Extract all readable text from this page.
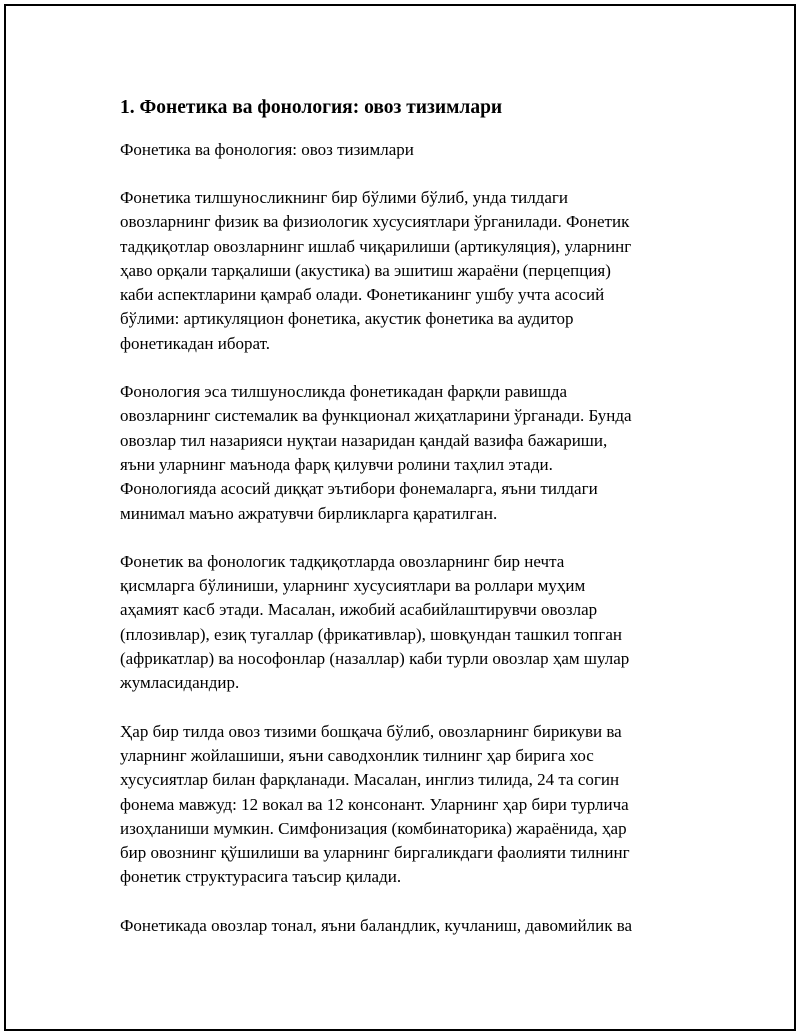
1. Фонетика ва фонология: овоз тизимлари
Фонетика ва фонология: овоз тизимлари
Фонетика тилшуносликнинг бир бўлими бўлиб, унда тилдаги
овозларнинг физик ва физиологик хусусиятлари ўрганилади. Фонетик
тадқиқотлар овозларнинг ишлаб чиқарилиши (артикуляция), уларнинг
ҳаво орқали тарқалиши (акустика) ва эшитиш жараёни (перцепция)
каби аспектларини қамраб олади. Фонетиканинг ушбу учта асосий
бўлими: артикуляцион фонетика, акустик фонетика ва аудитор
фонетикадан иборат.
Фонология эса тилшуносликда фонетикадан фарқли равишда
овозларнинг системалик ва функционал жиҳатларини ўрганади. Бунда
овозлар тил назарияси нуқтаи назаридан қандай вазифа бажариши,
яъни уларнинг маънода фарқ қилувчи ролини таҳлил этади.
Фонологияда асосий диққат эътибори фонемаларга, яъни тилдаги
минимал маъно ажратувчи бирликларга қаратилган.
Фонетик ва фонологик тадқиқотларда овозларнинг бир нечта
қисмларга бўлиниши, уларнинг хусусиятлари ва роллари муҳим
аҳамият касб этади. Масалан, ижобий асабийлаштирувчи овозлар
(плозивлар), езиқ тугаллар (фрикативлар), шовқундан ташкил топган
(африкатлар) ва нософонлар (назаллар) каби турли овозлар ҳам шулар
жумласидандир.
Ҳар бир тилда овоз тизими бошқача бўлиб, овозларнинг бирикуви ва
уларнинг жойлашиши, яъни саводхонлик тилнинг ҳар бирига хос
хусусиятлар билан фарқланади. Масалан, инглиз тилида, 24 та согин
фонема мавжуд: 12 вокал ва 12 консонант. Уларнинг ҳар бири турлича
изоҳланиши мумкин. Симфонизация (комбинаторика) жараёнида, ҳар
бир овознинг қўшилиши ва уларнинг биргаликдаги фаолияти тилнинг
фонетик структурасига таъсир қилади.
Фонетикада овозлар тонал, яъни баландлик, кучланиш, давомийлик ва
